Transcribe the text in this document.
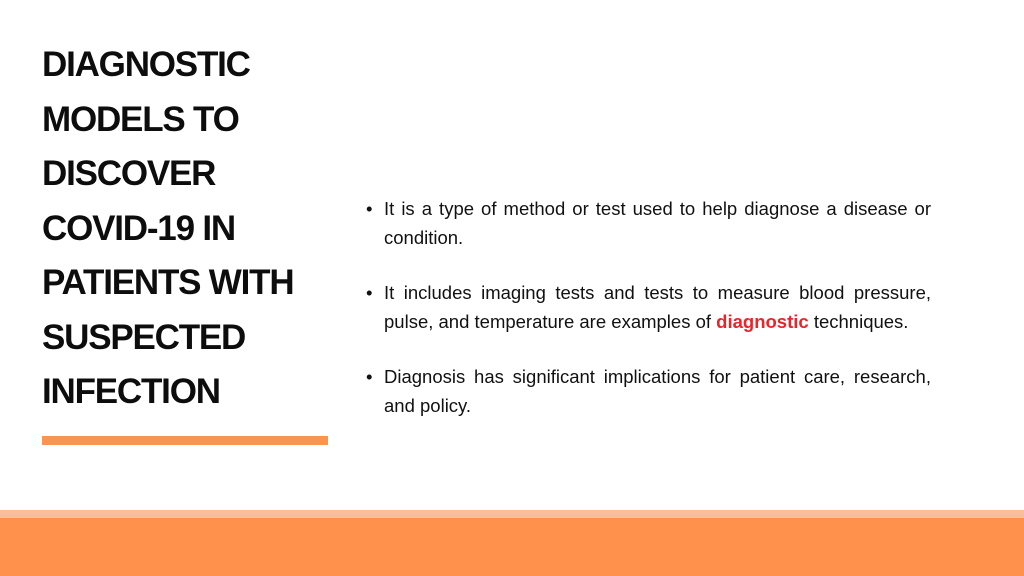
DIAGNOSTIC
MODELS TO
DISCOVER
COVID-19 IN
PATIENTS WITH
SUSPECTED
INFECTION
• It is a type of method or test used to help diagnose a disease or condition.
• It includes imaging tests and tests to measure blood pressure, pulse, and temperature are examples of diagnostic techniques.
• Diagnosis has significant implications for patient care, research, and policy.
